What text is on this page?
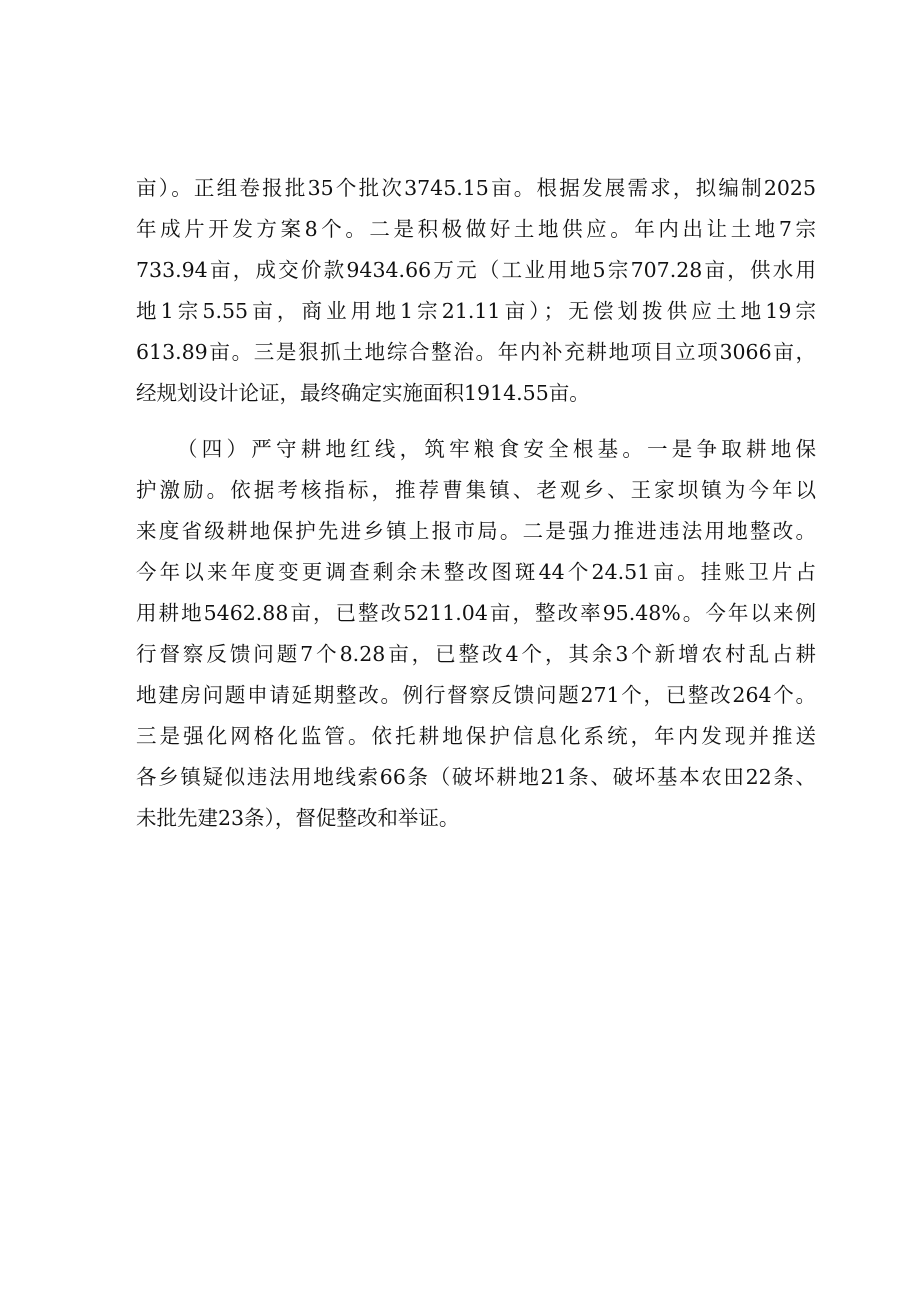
亩）。正组卷报批35个批次3745.15亩。根据发展需求，拟编制2025
年成片开发方案8个。二是积极做好土地供应。年内出让土地7宗
733.94亩，成交价款9434.66万元（工业用地5宗707.28亩，供水用
地1宗5.55亩，商业用地1宗21.11亩）；无偿划拨供应土地19宗
613.89亩。三是狠抓土地综合整治。年内补充耕地项目立项3066亩，
经规划设计论证，最终确定实施面积1914.55亩。
（四）严守耕地红线，筑牢粮食安全根基。一是争取耕地保
护激励。依据考核指标，推荐曹集镇、老观乡、王家坝镇为今年以
来度省级耕地保护先进乡镇上报市局。二是强力推进违法用地整改。
今年以来年度变更调查剩余未整改图斑44个24.51亩。挂账卫片占
用耕地5462.88亩，已整改5211.04亩，整改率95.48%。今年以来例
行督察反馈问题7个8.28亩，已整改4个，其余3个新增农村乱占耕
地建房问题申请延期整改。例行督察反馈问题271个，已整改264个。
三是强化网格化监管。依托耕地保护信息化系统，年内发现并推送
各乡镇疑似违法用地线索66条（破坏耕地21条、破坏基本农田22条、
未批先建23条），督促整改和举证。
